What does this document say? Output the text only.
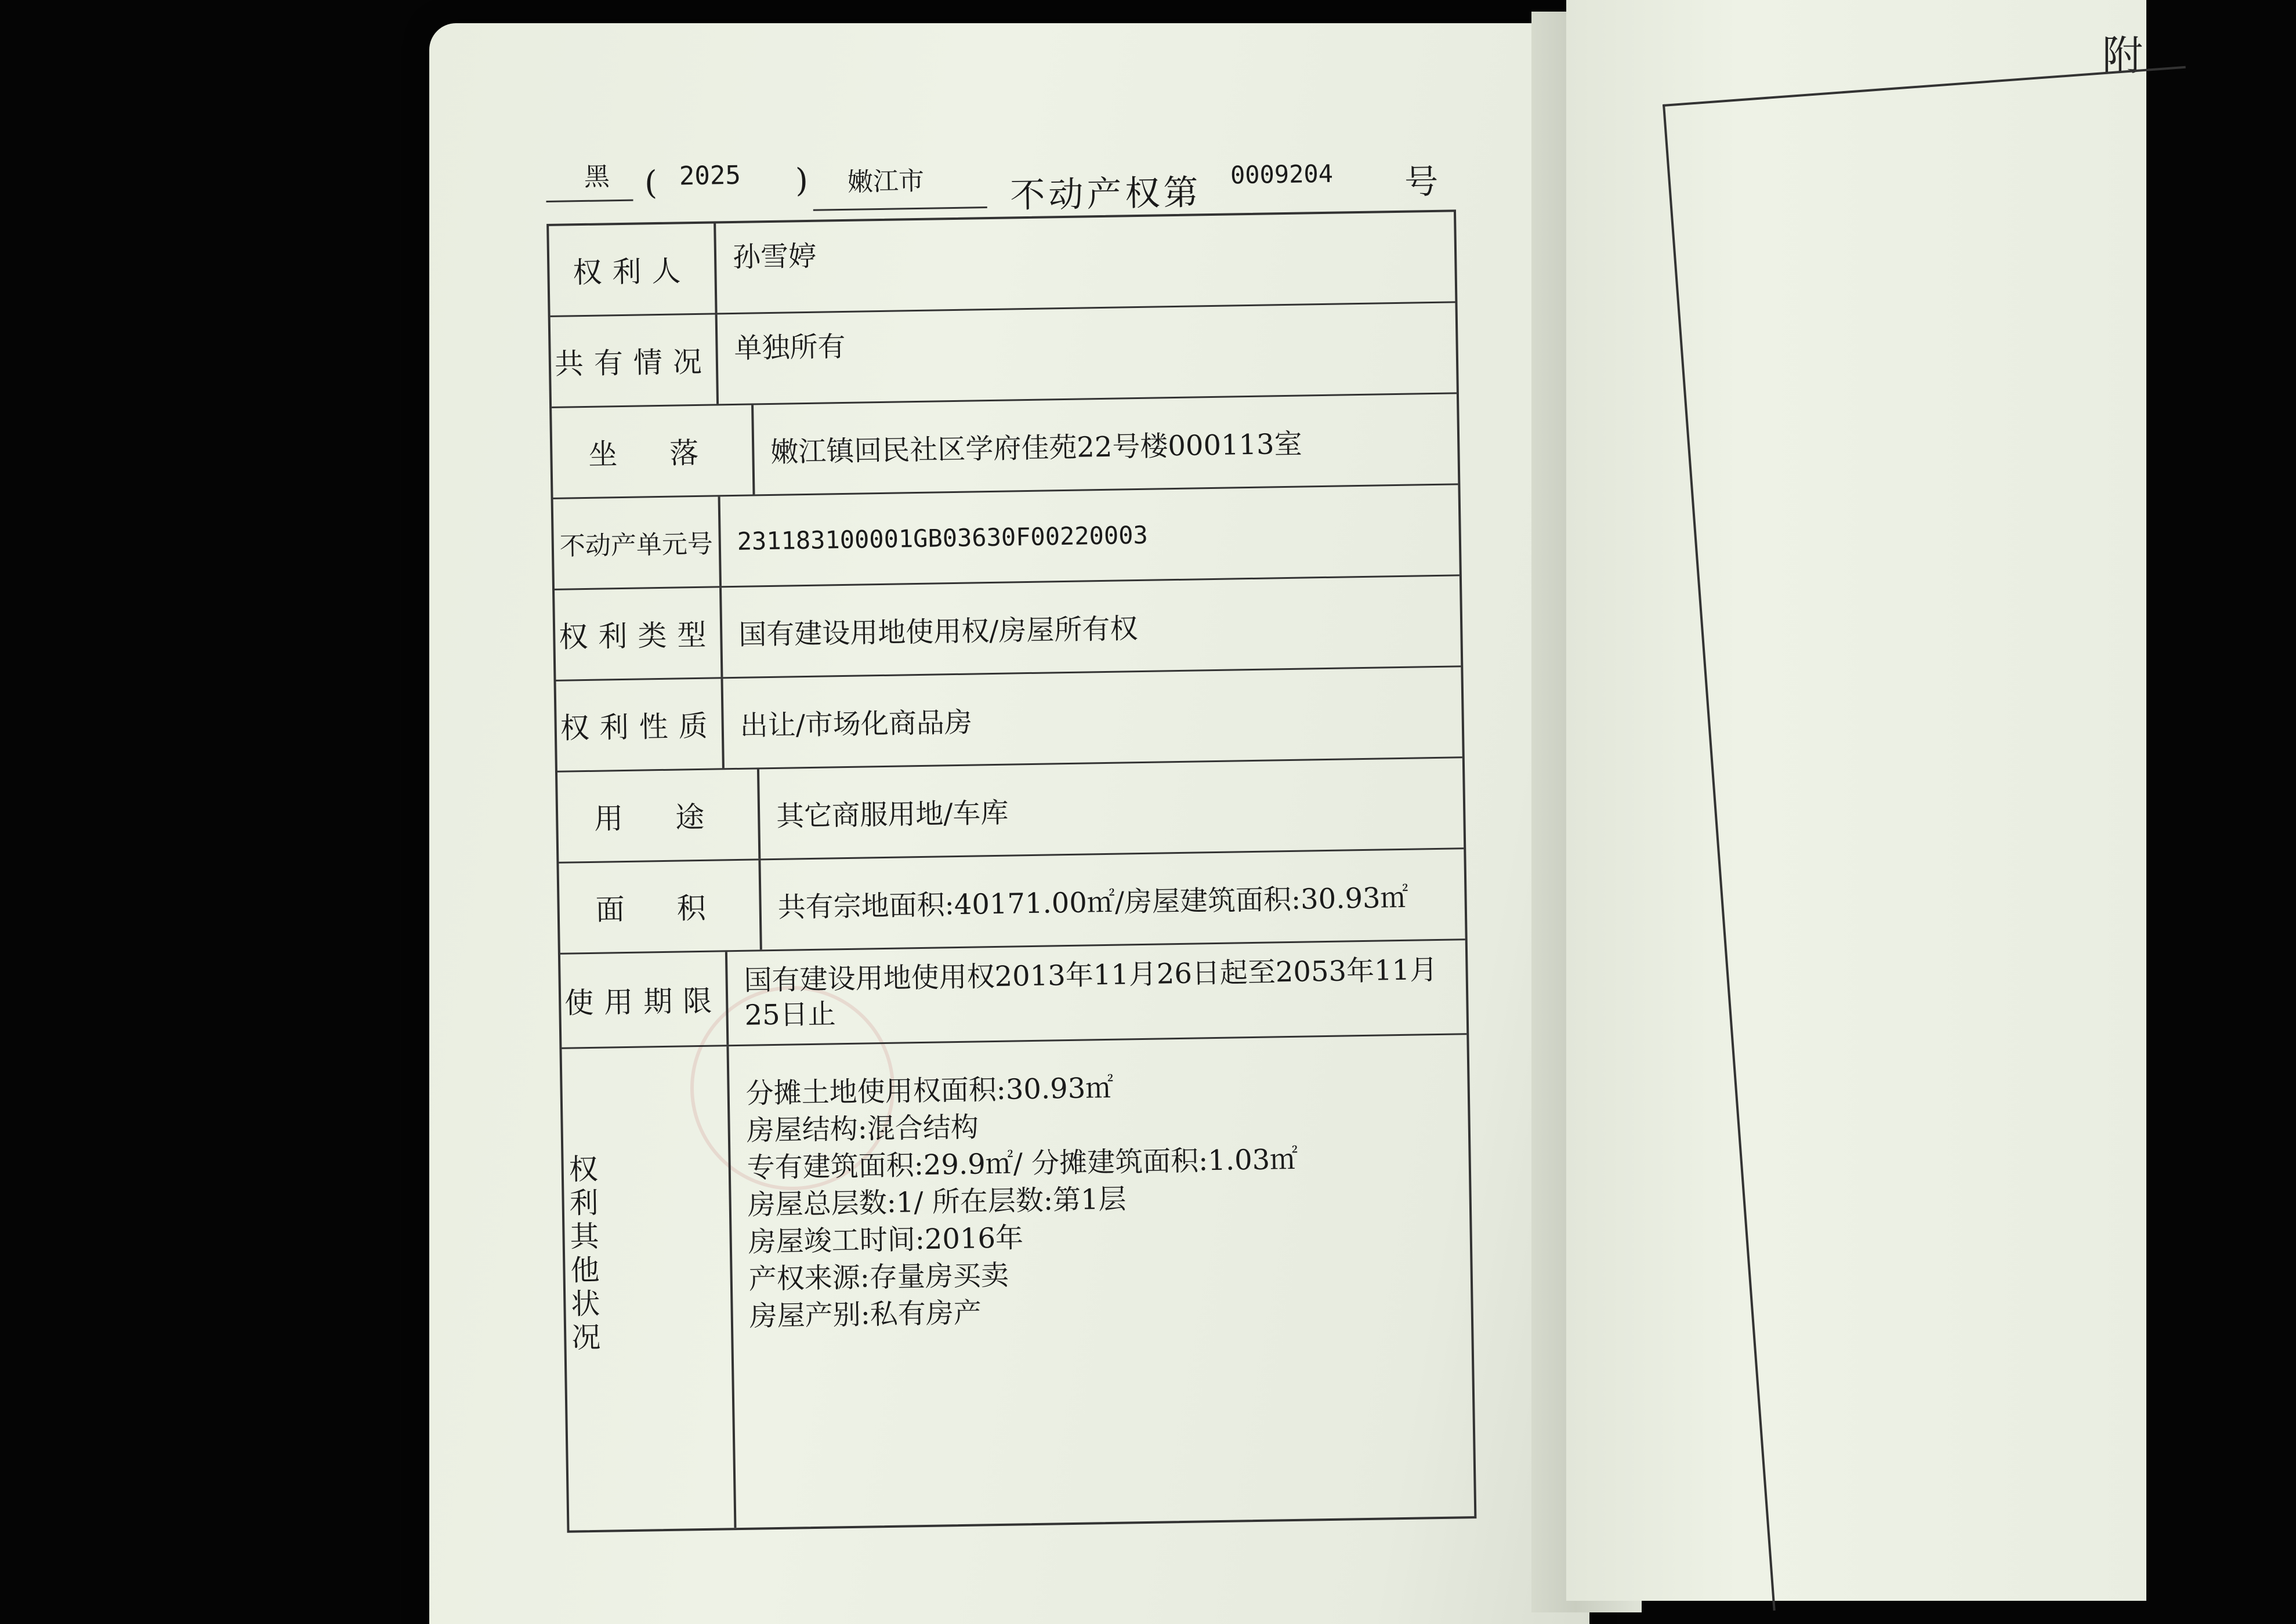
附
黑 ( 2025 ) 嫩江市 不动产权第 0009204 号
权利人	孙雪婷
共有情况 单独所有
坐落 嫩江镇回民社区学府佳苑22号楼000113室
不动产单元号 231183100001GB03630F00220003
权利类型 国有建设用地使用权/房屋所有权
权利性质 出让/市场化商品房
用途 其它商服用地/车库
面积 共有宗地面积:40171.00㎡/房屋建筑面积:30.93㎡
使用期限
国有建设用地使用权2013年11月26日起至2053年11月25日止
权利其他状况
分摊土地使用权面积:30.93㎡
房屋结构:混合结构
专有建筑面积:29.9㎡/ 分摊建筑面积:1.03㎡
房屋总层数:1/ 所在层数:第1层
房屋竣工时间:2016年
产权来源:存量房买卖
房屋产别:私有房产
